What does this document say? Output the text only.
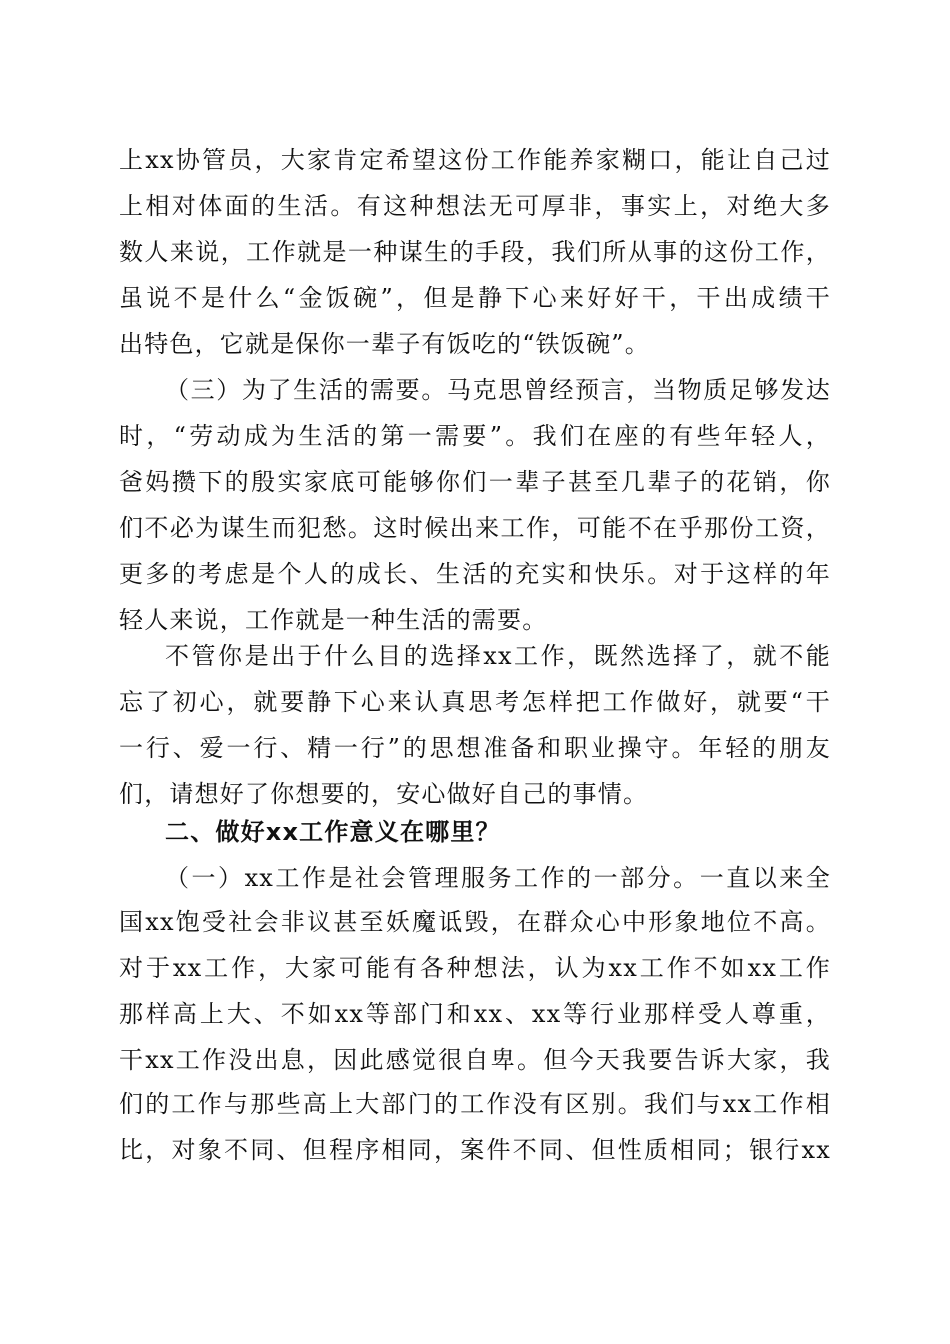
上xx协管员，大家肯定希望这份工作能养家糊口，能让自己过
上相对体面的生活。有这种想法无可厚非，事实上，对绝大多
数人来说，工作就是一种谋生的手段，我们所从事的这份工作，
虽说不是什么“金饭碗”，但是静下心来好好干，干出成绩干
出特色，它就是保你一辈子有饭吃的“铁饭碗”。
（三）为了生活的需要。马克思曾经预言，当物质足够发达
时，“劳动成为生活的第一需要”。我们在座的有些年轻人，
爸妈攒下的殷实家底可能够你们一辈子甚至几辈子的花销，你
们不必为谋生而犯愁。这时候出来工作，可能不在乎那份工资，
更多的考虑是个人的成长、生活的充实和快乐。对于这样的年
轻人来说，工作就是一种生活的需要。
不管你是出于什么目的选择xx工作，既然选择了，就不能
忘了初心，就要静下心来认真思考怎样把工作做好，就要“干
一行、爱一行、精一行”的思想准备和职业操守。年轻的朋友
们，请想好了你想要的，安心做好自己的事情。
二、做好xx工作意义在哪里？
（一）xx工作是社会管理服务工作的一部分。一直以来全
国xx饱受社会非议甚至妖魔诋毁，在群众心中形象地位不高。
对于xx工作，大家可能有各种想法，认为xx工作不如xx工作
那样高上大、不如xx等部门和xx、xx等行业那样受人尊重，
干xx工作没出息，因此感觉很自卑。但今天我要告诉大家，我
们的工作与那些高上大部门的工作没有区别。我们与xx工作相
比，对象不同、但程序相同，案件不同、但性质相同；银行xx
